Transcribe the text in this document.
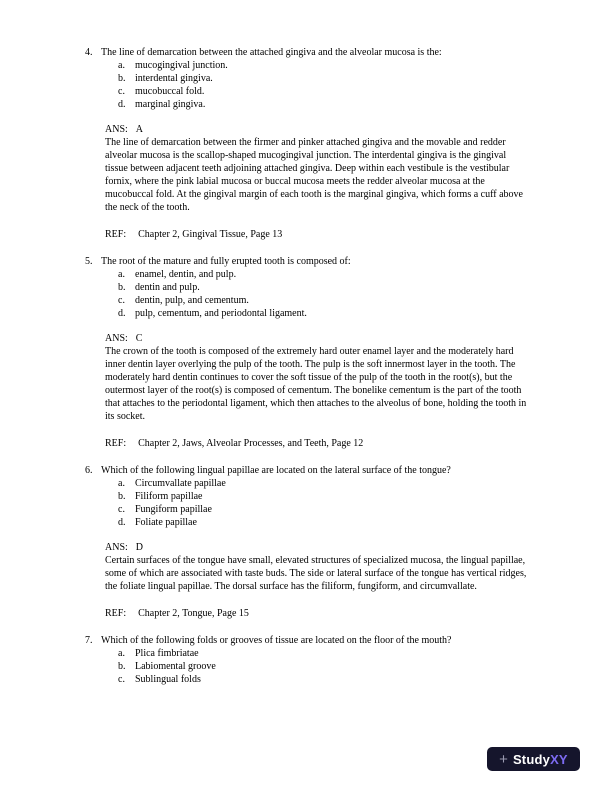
4. The line of demarcation between the attached gingiva and the alveolar mucosa is the:
a.	mucogingival junction.
b. interdental gingiva.
c.	mucobuccal fold.
d. marginal gingiva.
ANS: A
The line of demarcation between the firmer and pinker attached gingiva and the movable and redder alveolar mucosa is the scallop-shaped mucogingival junction. The interdental gingiva is the gingival tissue between adjacent teeth adjoining attached gingiva. Deep within each vestibule is the vestibular fornix, where the pink labial mucosa or buccal mucosa meets the redder alveolar mucosa at the mucobuccal fold. At the gingival margin of each tooth is the marginal gingiva, which forms a cuff above the neck of the tooth.
REF: Chapter 2, Gingival Tissue, Page 13
5. The root of the mature and fully erupted tooth is composed of:
a.	enamel, dentin, and pulp.
b. dentin and pulp.
c.	dentin, pulp, and cementum.
d. pulp, cementum, and periodontal ligament.
ANS: C
The crown of the tooth is composed of the extremely hard outer enamel layer and the moderately hard inner dentin layer overlying the pulp of the tooth. The pulp is the soft innermost layer in the tooth. The moderately hard dentin continues to cover the soft tissue of the pulp of the tooth in the root(s), but the outermost layer of the root(s) is composed of cementum. The bonelike cementum is the part of the tooth that attaches to the periodontal ligament, which then attaches to the alveolus of bone, holding the tooth in its socket.
REF: Chapter 2, Jaws, Alveolar Processes, and Teeth, Page 12
6. Which of the following lingual papillae are located on the lateral surface of the tongue?
a.	Circumvallate papillae
b. Filiform papillae
c.	Fungiform papillae
d. Foliate papillae
ANS: D
Certain surfaces of the tongue have small, elevated structures of specialized mucosa, the lingual papillae, some of which are associated with taste buds. The side or lateral surface of the tongue has vertical ridges, the foliate lingual papillae. The dorsal surface has the filiform, fungiform, and circumvallate.
REF: Chapter 2, Tongue, Page 15
7. Which of the following folds or grooves of tissue are located on the floor of the mouth?
a.	Plica fimbriatae
b. Labiomental groove
c.	Sublingual folds
+ Study XY
